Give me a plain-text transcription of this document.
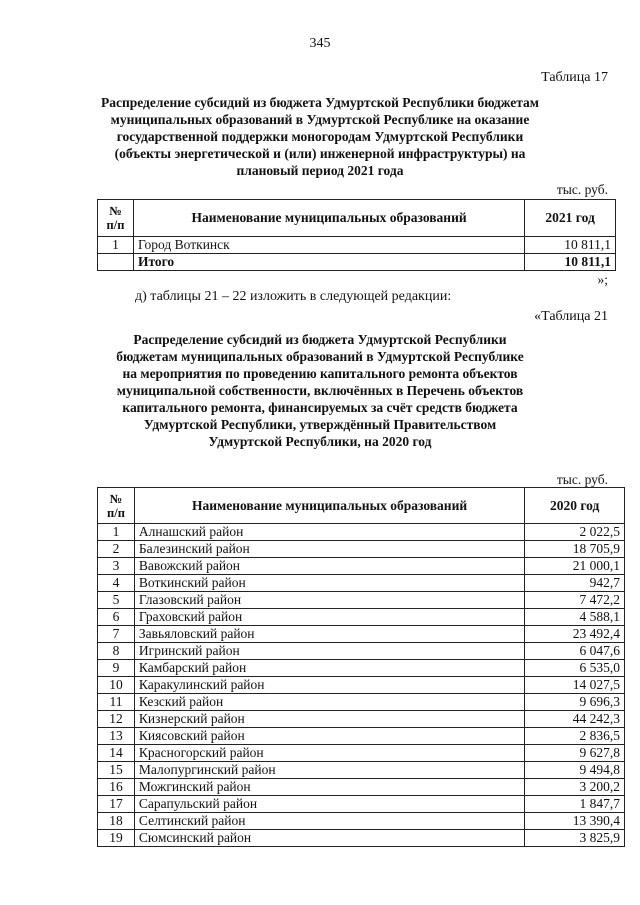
345
Таблица 17
Распределение субсидий из бюджета Удмуртской Республики бюджетам
муниципальных образований в Удмуртской Республике на оказание
государственной поддержки моногородам Удмуртской Республики
(объекты энергетической и (или) инженерной инфраструктуры) на
плановый период 2021 года
тыс. руб.
№
п/п	Наименование муниципальных образований	2021 год
1	Город Воткинск	10 811,1
	Итого	10 811,1
»;
д) таблицы 21 – 22 изложить в следующей редакции:
«Таблица 21
Распределение субсидий из бюджета Удмуртской Республики
бюджетам муниципальных образований в Удмуртской Республике
на мероприятия по проведению капитального ремонта объектов
муниципальной собственности, включённых в Перечень объектов
капитального ремонта, финансируемых за счёт средств бюджета
Удмуртской Республики, утверждённый Правительством
Удмуртской Республики, на 2020 год
тыс. руб.
№
п/п	Наименование муниципальных образований	2020 год
1	Алнашский район	2 022,5
2	Балезинский район	18 705,9
3	Вавожский район	21 000,1
4	Воткинский район	942,7
5	Глазовский район	7 472,2
6	Граховский район	4 588,1
7	Завьяловский район	23 492,4
8	Игринский район	6 047,6
9	Камбарский район	6 535,0
10	Каракулинский район	14 027,5
11	Кезский район	9 696,3
12	Кизнерский район	44 242,3
13	Киясовский район	2 836,5
14	Красногорский район	9 627,8
15	Малопургинский район	9 494,8
16	Можгинский район	3 200,2
17	Сарапульский район	1 847,7
18	Селтинский район	13 390,4
19	Сюмсинский район	3 825,9
